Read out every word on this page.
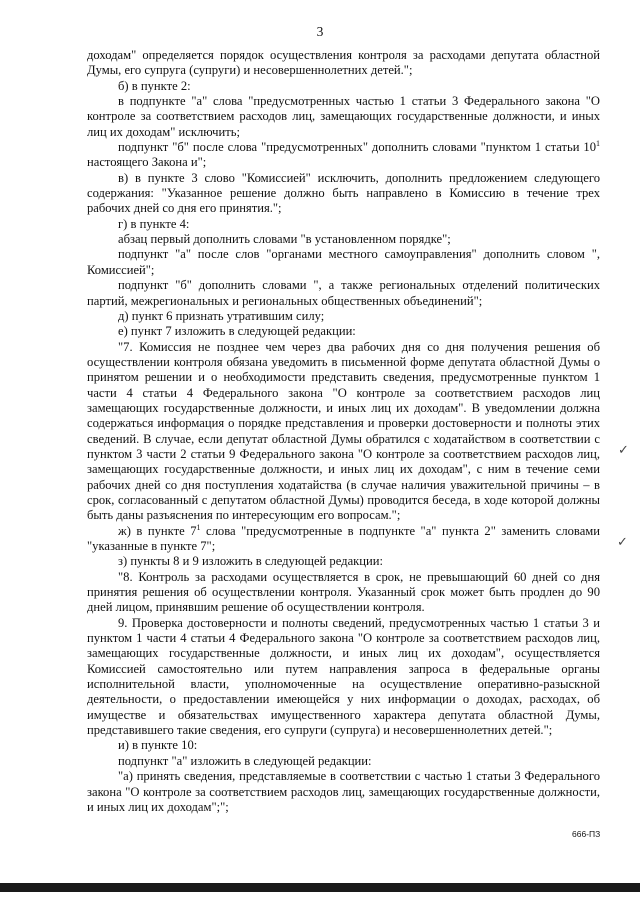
3

доходам" определяется порядок осуществления контроля за расходами депутата областной Думы, его супруга (супруги) и несовершеннолетних детей.";

б) в пункте 2:

в подпункте "а" слова "предусмотренных частью 1 статьи 3 Федерального закона "О контроле за соответствием расходов лиц, замещающих государственные должности, и иных лиц их доходам" исключить;

подпункт "б" после слова "предусмотренных" дополнить словами "пунктом 1 статьи $10^1$ настоящего Закона и";

в) в пункте 3 слово "Комиссией" исключить, дополнить предложением следующего содержания: "Указанное решение должно быть направлено в Комиссию в течение трех рабочих дней со дня его принятия.";

г) в пункте 4:

абзац первый дополнить словами "в установленном порядке";

подпункт "а" после слов "органами местного самоуправления" дополнить словом ", Комиссией";

подпункт "б" дополнить словами ", а также региональных отделений политических партий, межрегиональных и региональных общественных объединений";

д) пункт 6 признать утратившим силу;

е) пункт 7 изложить в следующей редакции:

"7. Комиссия не позднее чем через два рабочих дня со дня получения решения об осуществлении контроля обязана уведомить в письменной форме депутата областной Думы о принятом решении и о необходимости представить сведения, предусмотренные пунктом 1 части 4 статьи 4 Федерального закона "О контроле за соответствием расходов лиц замещающих государственные должности, и иных лиц их доходам". В уведомлении должна содержаться информация о порядке представления и проверки достоверности и полноты этих сведений. В случае, если депутат областной Думы обратился с ходатайством в соответствии с пунктом 3 части 2 статьи 9 Федерального закона "О контроле за соответствием расходов лиц, замещающих государственные должности, и иных лиц их доходам", с ним в течение семи рабочих дней со дня поступления ходатайства (в случае наличия уважительной причины – в срок, согласованный с депутатом областной Думы) проводится беседа, в ходе которой должны быть даны разъяснения по интересующим его вопросам.";

ж) в пункте $7^1$ слова "предусмотренные в подпункте "а" пункта 2" заменить словами "указанные в пункте 7";

з) пункты 8 и 9 изложить в следующей редакции:

"8. Контроль за расходами осуществляется в срок, не превышающий 60 дней со дня принятия решения об осуществлении контроля. Указанный срок может быть продлен до 90 дней лицом, принявшим решение об осуществлении контроля.

9. Проверка достоверности и полноты сведений, предусмотренных частью 1 статьи 3 и пунктом 1 части 4 статьи 4 Федерального закона "О контроле за соответствием расходов лиц, замещающих государственные должности, и иных лиц их доходам", осуществляется Комиссией самостоятельно или путем направления запроса в федеральные органы исполнительной власти, уполномоченные на осуществление оперативно-разыскной деятельности, о предоставлении имеющейся у них информации о доходах, расходах, об имуществе и обязательствах имущественного характера депутата областной Думы, представившего такие сведения, его супруги (супруга) и несовершеннолетних детей.";

и) в пункте 10:

подпункт "а" изложить в следующей редакции:

"а) принять сведения, представляемые в соответствии с частью 1 статьи 3 Федерального закона "О контроле за соответствием расходов лиц, замещающих государственные должности, и иных лиц их доходам";";

✓
✓
666-ПЗ
